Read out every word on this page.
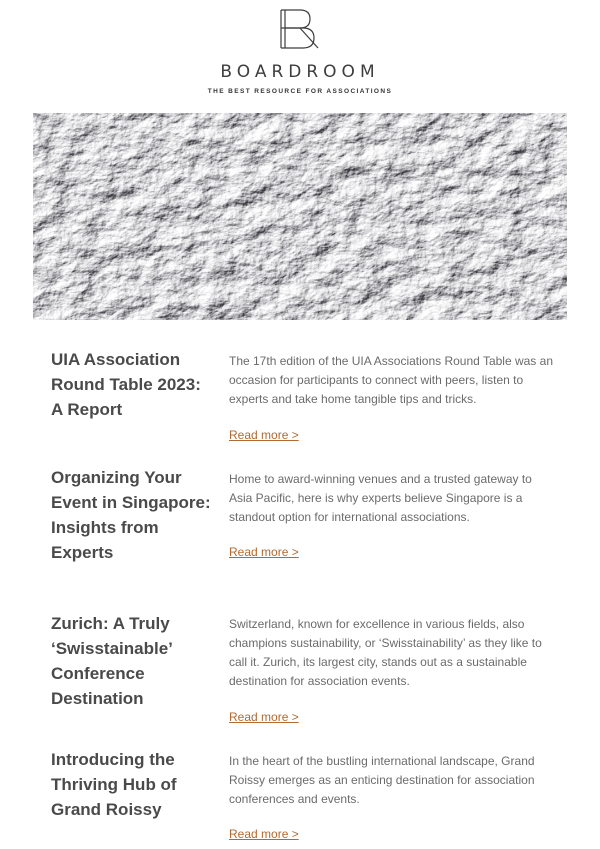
BOARDROOM
THE BEST RESOURCE FOR ASSOCIATIONS
UIA Association Round Table 2023: A Report
The 17th edition of the UIA Associations Round Table was an occasion for participants to connect with peers, listen to experts and take home tangible tips and tricks.
Read more >
Organizing Your Event in Singapore: Insights from Experts
Home to award-winning venues and a trusted gateway to Asia Pacific, here is why experts believe Singapore is a standout option for international associations.
Read more >
Zurich: A Truly ‘Swisstainable’ Conference Destination
Switzerland, known for excellence in various fields, also champions sustainability, or ‘Swisstainability’ as they like to call it. Zurich, its largest city, stands out as a sustainable destination for association events.
Read more >
Introducing the Thriving Hub of Grand Roissy
In the heart of the bustling international landscape, Grand Roissy emerges as an enticing destination for association conferences and events.
Read more >
